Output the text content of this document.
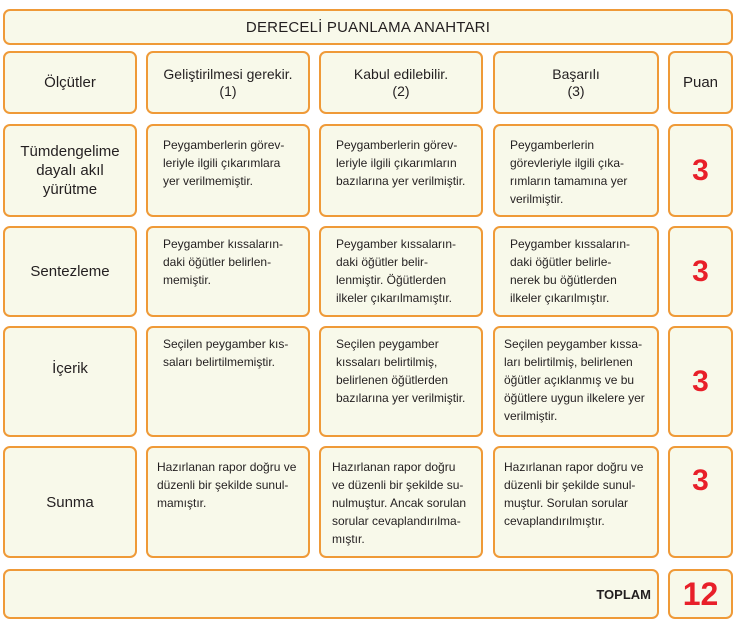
DERECELİ PUANLAMA ANAHTARI
Ölçütler
Geliştirilmesi gerekir.
(1)
Kabul edilebilir.
(2)
Başarılı
(3)	Puan
Tümdengelime
dayalı akıl
yürütme
Peygamberlerin görev-
leriyle ilgili çıkarımlara
yer verilmemiştir.
Peygamberlerin görev-
leriyle ilgili çıkarımların
bazılarına yer verilmiştir.
Peygamberlerin
görevleriyle ilgili çıka-
rımların tamamına yer
verilmiştir.
3
Sentezleme
Peygamber kıssaların-
daki öğütler belirlen-
memiştir.
Peygamber kıssaların-
daki öğütler belir-
lenmiştir. Öğütlerden
ilkeler çıkarılmamıştır.
Peygamber kıssaların-
daki öğütler belirle-
nerek bu öğütlerden
ilkeler çıkarılmıştır.
3
İçerik
Seçilen peygamber kıs-
saları belirtilmemiştir.
Seçilen peygamber
kıssaları belirtilmiş,
belirlenen öğütlerden
bazılarına yer verilmiştir.
Seçilen peygamber kıssa-
ları belirtilmiş, belirlenen
öğütler açıklanmış ve bu
öğütlere uygun ilkelere yer
verilmiştir.
3
Sunma
Hazırlanan rapor doğru ve
düzenli bir şekilde sunul-
mamıştır.
Hazırlanan rapor doğru
ve düzenli bir şekilde su-
nulmuştur. Ancak sorulan
sorular cevaplandırılma-
mıştır.
Hazırlanan rapor doğru ve
düzenli bir şekilde sunul-
muştur. Sorulan sorular
cevaplandırılmıştır.
3
TOPLAM 12
